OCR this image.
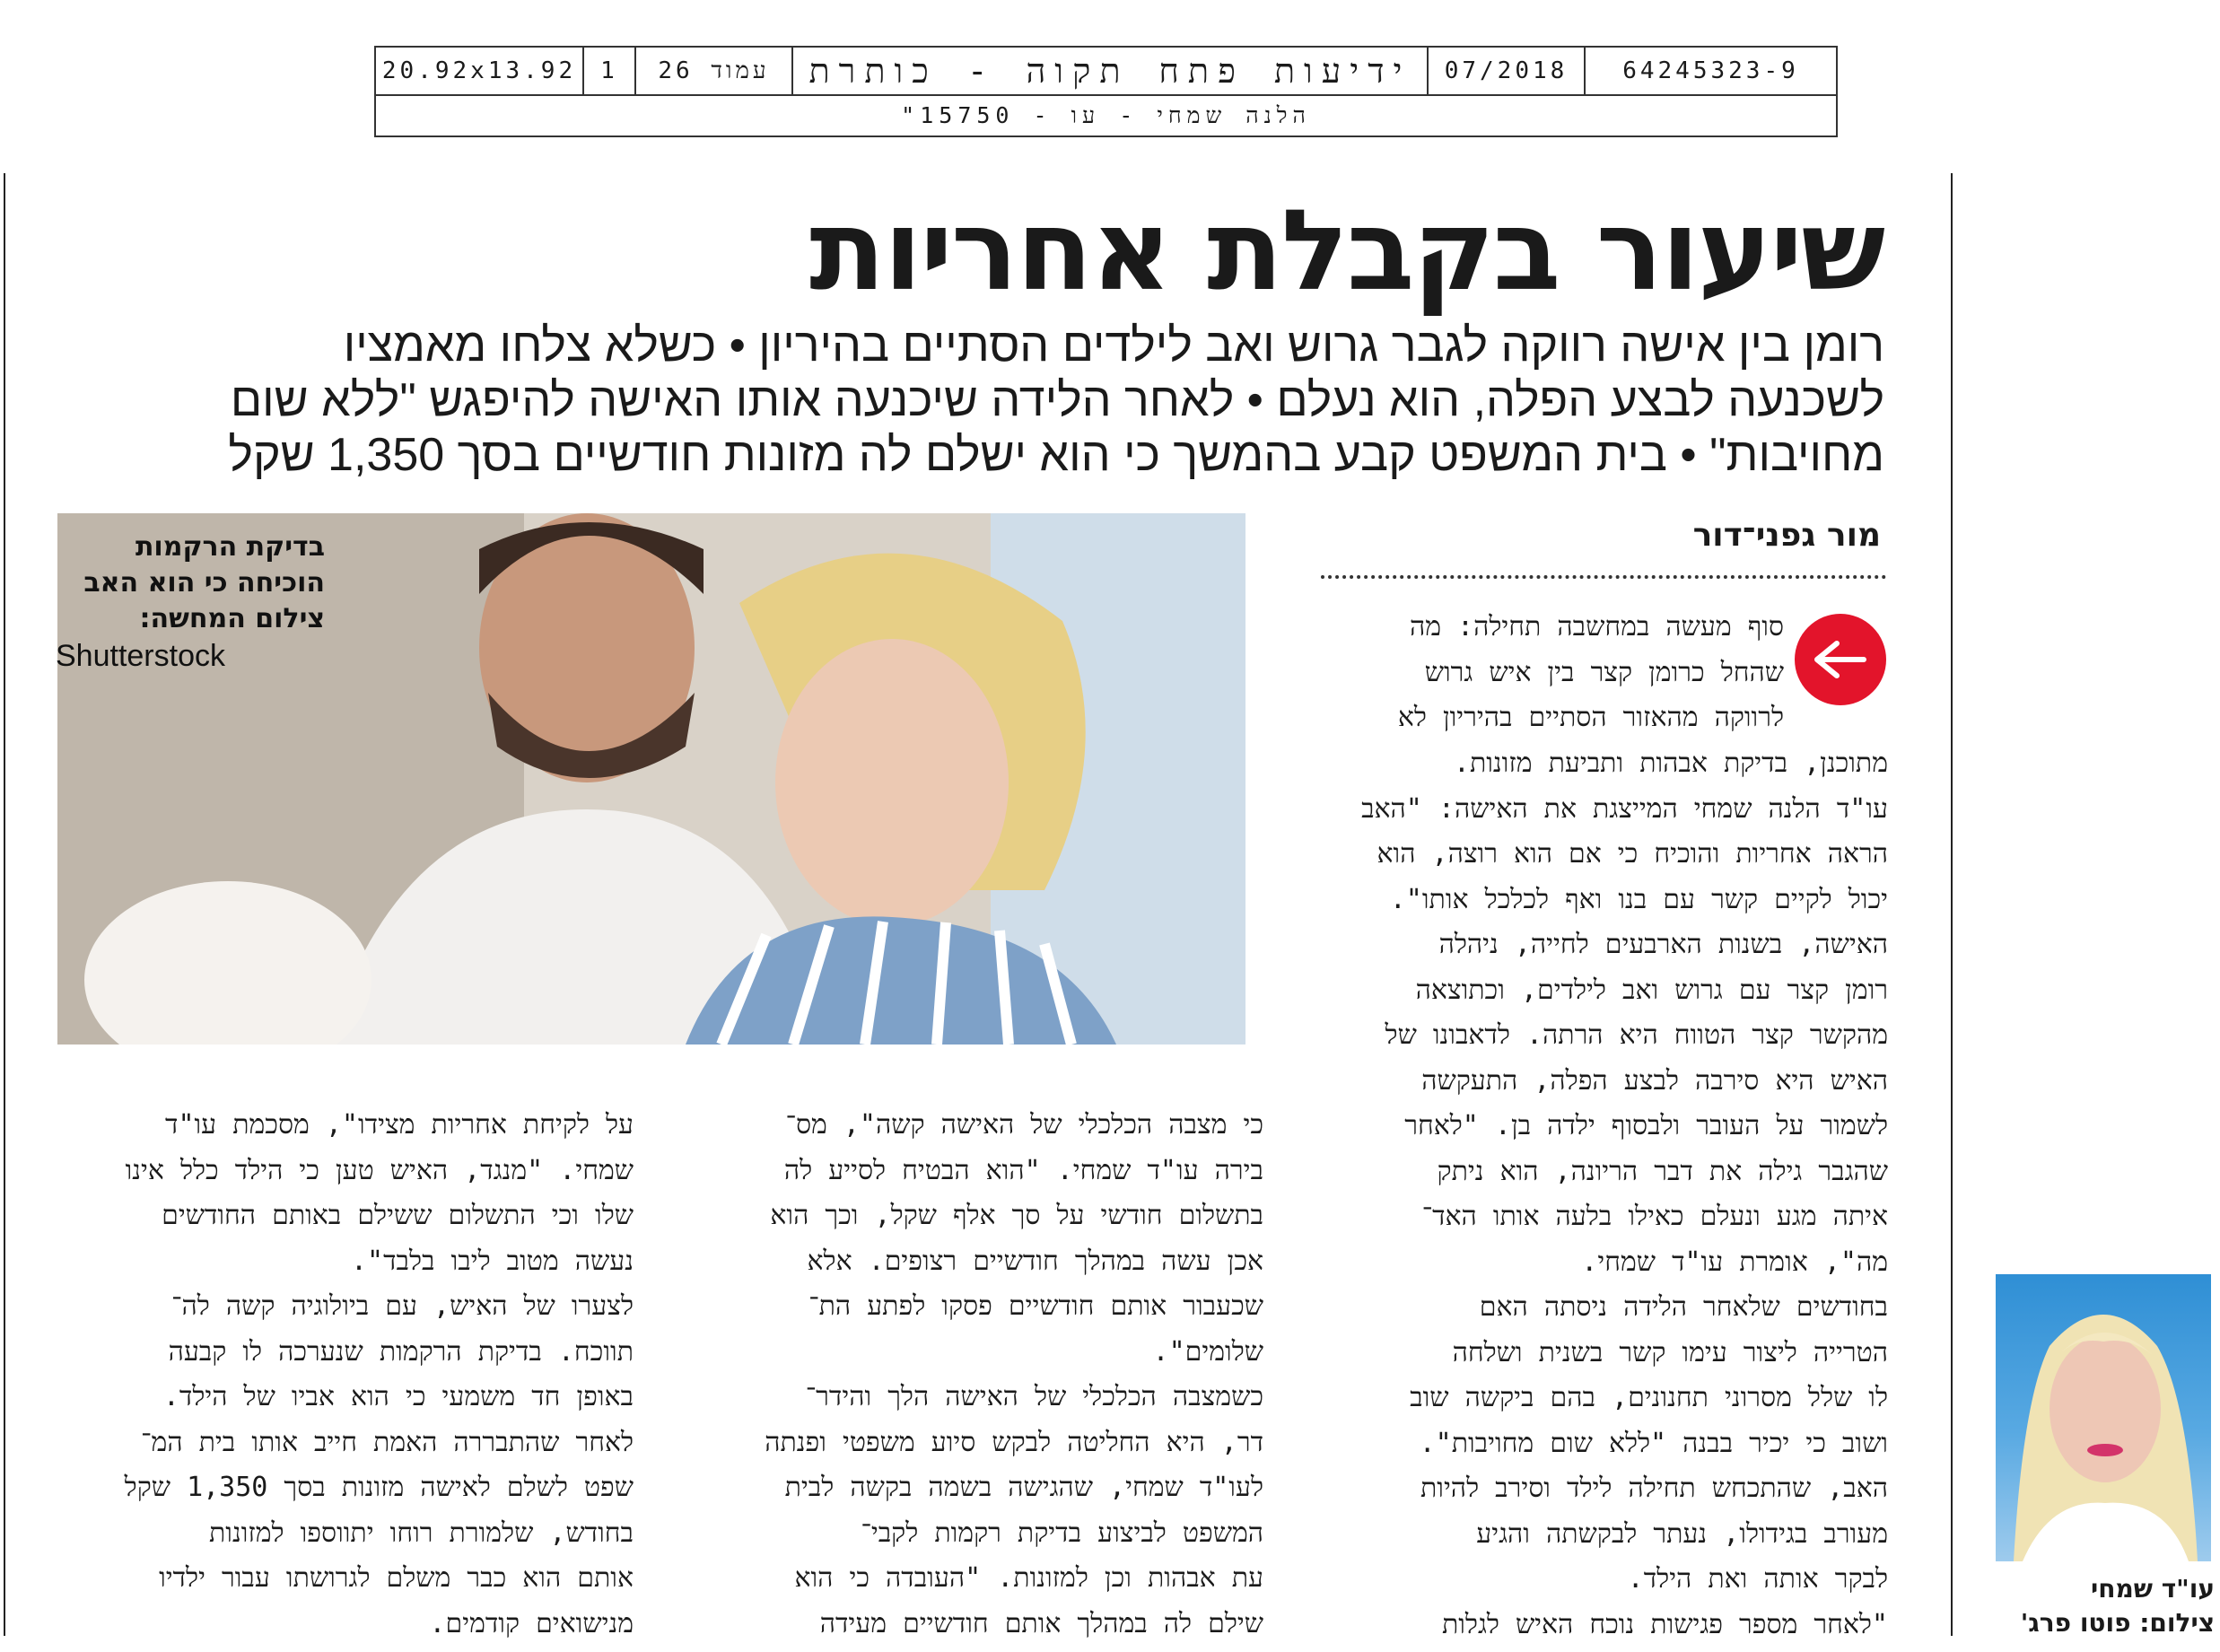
20.92x13.92	1	עמוד 26	ידיעות פתח תקוה - כותרת	07/2018	64245323-9
"הלנה שמחי - עו - 15750
שיעור בקבלת אחריות
רומן בין אישה רווקה לגבר גרוש ואב לילדים הסתיים בהיריון • כשלא צלחו מאמציו
לשכנעה לבצע הפלה, הוא נעלם • לאחר הלידה שיכנעה אותו האישה להיפגש "ללא שום
מחויבות" • בית המשפט קבע בהמשך כי הוא ישלם לה מזונות חודשיים בסך 1,350 שקל
מור גפני־דור
סוף מעשה במחשבה תחילה: מה
שהחל כרומן קצר בין איש גרוש
לרווקה מהאזור הסתיים בהיריון לא
מתוכנן, בדיקת אבהות ותביעת מזונות.
עו"ד הלנה שמחי המייצגת את האישה: "האב
הראה אחריות והוכיח כי אם הוא רוצה, הוא
יכול לקיים קשר עם בנו ואף לכלכל אותו".
האישה, בשנות הארבעים לחייה, ניהלה
רומן קצר עם גרוש ואב לילדים, וכתוצאה
מהקשר קצר הטווח היא הרתה. לדאבונו של
האיש היא סירבה לבצע הפלה, התעקשה
לשמור על העובר ולבסוף ילדה בן. "לאחר
שהגבר גילה את דבר הריונה, הוא ניתק
איתה מגע ונעלם כאילו בלעה אותו האד־
מה", אומרת עו"ד שמחי.
בחודשים שלאחר הלידה ניסתה האם
הטרייה ליצור עימו קשר בשנית ושלחה
לו שלל מסרוני תחנונים, בהם ביקשה שוב
ושוב כי יכיר בבנה "ללא שום מחויבות".
האב, שהתכחש תחילה לילד וסירב להיות
מעורב בגידולו, נעתר לבקשתה והגיע
לבקר אותה ואת הילד.
"לאחר מספר פגישות נוכח האיש לגלות
בדיקת הרקמות
הוכיחה כי הוא האב
צילום המחשה:
Shutterstock
כי מצבה הכלכלי של האישה קשה", מס־
בירה עו"ד שמחי. "הוא הבטיח לסייע לה
בתשלום חודשי על סך אלף שקל, וכך הוא
אכן עשה במהלך חודשיים רצופים. אלא
שכעבור אותם חודשיים פסקו לפתע הת־
שלומים".
כשמצבה הכלכלי של האישה הלך והידר־
דר, היא החליטה לבקש סיוע משפטי ופנתה
לעו"ד שמחי, שהגישה בשמה בקשה לבית
המשפט לביצוע בדיקת רקמות לקבי־
עת אבהות וכן למזונות. "העובדה כי הוא
שילם לה במהלך אותם חודשיים מעידה
על לקיחת אחריות מצידו", מסכמת עו"ד
שמחי. "מנגד, האיש טען כי הילד כלל אינו
שלו וכי התשלום ששילם באותם החודשים
נעשה מטוב ליבו בלבד".
לצערו של האיש, עם ביולוגיה קשה לה־
תווכח. בדיקת הרקמות שנערכה לו קבעה
באופן חד משמעי כי הוא אביו של הילד.
לאחר שהתבררה האמת חייב אותו בית המ־
שפט לשלם לאישה מזונות בסך 1,350 שקל
בחודש, שלמורת רוחו יתווספו למזונות
אותם הוא כבר משלם לגרושתו עבור ילדיו
מנישואים קודמים.
עו"ד שמחי
צילום: פוטו פרג'
